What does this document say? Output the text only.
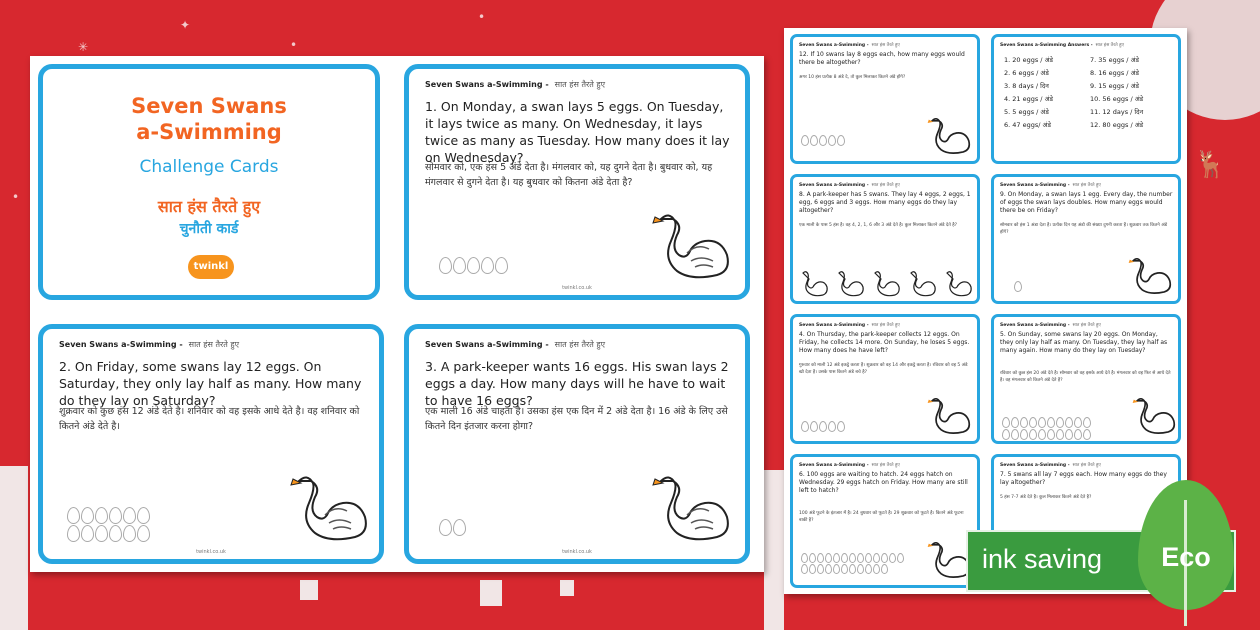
✳
✦
•
•
•
🦌
Seven Swans
a-Swimming
Challenge Cards
सात हंस तैरते हुए
चुनौती कार्ड
twinkl
Seven Swans a-Swimming - सात हंस तैरते हुए
1. On Monday, a swan lays 5 eggs. On Tuesday, it lays twice as many. On Wednesday, it lays twice as many as Tuesday. How many does it lay on Wednesday?
सोमवार को, एक हंस 5 अंडे देता है। मंगलवार को, यह दुगने देता है। बुधवार को, यह मंगलवार से दुगने देता है। यह बुधवार को कितना अंडे देता है?
twinkl.co.uk
Seven Swans a-Swimming - सात हंस तैरते हुए
2. On Friday, some swans lay 12 eggs. On Saturday, they only lay half as many. How many do they lay on Saturday?
शुक्रवार को कुछ हंस 12 अंडे देते है। शनिवार को वह इसके आधे देते है। वह शनिवार को कितने अंडे देते है।
twinkl.co.uk
Seven Swans a-Swimming - सात हंस तैरते हुए
3. A park-keeper wants 16 eggs. His swan lays 2 eggs a day. How many days will he have to wait to have 16 eggs?
एक माली 16 अंडे चाहता है। उसका हंस एक दिन में 2 अंडे देता है। 16 अंडे के लिए उसे कितने दिन इंतजार करना होगा?
twinkl.co.uk
Seven Swans a-Swimming - सात हंस तैरते हुए
12. If 10 swans lay 8 eggs each, how many eggs would there be altogether?
अगर 10 हंस प्रत्येक 8 अंडे दे, तो कुल मिलाकर कितने अंडे होंगे?
Seven Swans a-Swimming Answers - सात हंस तैरते हुए
1. 20 eggs / अंडे	7. 35 eggs / अंडे
2. 6 eggs / अंडे	8. 16 eggs / अंडे
3. 8 days / दिन	9. 15 eggs / अंडे
4. 21 eggs / अंडे	10. 56 eggs / अंडे
5. 5 eggs / अंडे	11. 12 days / दिन
6. 47 eggs/ अंडे	12. 80 eggs / अंडे
Seven Swans a-Swimming - सात हंस तैरते हुए
8. A park-keeper has 5 swans. They lay 4 eggs, 2 eggs, 1 egg, 6 eggs and 3 eggs. How many eggs do they lay altogether?
एक माली के पास 5 हंस है। वह 4, 2, 1, 6 और 3 अंडे देते है। कुल मिलाकर कितने अंडे देते है?
Seven Swans a-Swimming - सात हंस तैरते हुए
9. On Monday, a swan lays 1 egg. Every day, the number of eggs the swan lays doubles. How many eggs would there be on Friday?
सोमवार को हंस 1 अंडा देता है। प्रत्येक दिन यह अंडो की संख्या दुगनी करता है। शुक्रवार तक कितने अंडे होंगे?
Seven Swans a-Swimming - सात हंस तैरते हुए
4. On Thursday, the park-keeper collects 12 eggs. On Friday, he collects 14 more. On Sunday, he loses 5 eggs. How many does he have left?
गुरुवार को माली 12 अंडे इकट्ठे करता है। शुक्रवार को वह 14 और इकट्ठे करता है। रविवार को वह 5 अंडे खो देता है। उसके पास कितने अंडे बचे है?
Seven Swans a-Swimming - सात हंस तैरते हुए
5. On Sunday, some swans lay 20 eggs. On Monday, they only lay half as many. On Tuesday, they lay half as many again. How many do they lay on Tuesday?
रविवार को कुछ हंस 20 अंडे देते है। सोमवार को वह इसके आधे देते है। मंगलवार को वह फिर से आधे देते है। वह मंगलवार को कितने अंडे देते है?
Seven Swans a-Swimming - सात हंस तैरते हुए
6. 100 eggs are waiting to hatch. 24 eggs hatch on Wednesday. 29 eggs hatch on Friday. How many are still left to hatch?
100 अंडे फूटने के इंतजार में है। 24 बुधवार को फूटते है। 29 शुक्रवार को फूटते है। कितने अंडे फूटना बाकी है?
Seven Swans a-Swimming - सात हंस तैरते हुए
7. 5 swans all lay 7 eggs each. How many eggs do they lay altogether?
5 हंस 7-7 अंडे देते है। कुल मिलाकर कितने अंडे देते है?
ink saving	Eco
